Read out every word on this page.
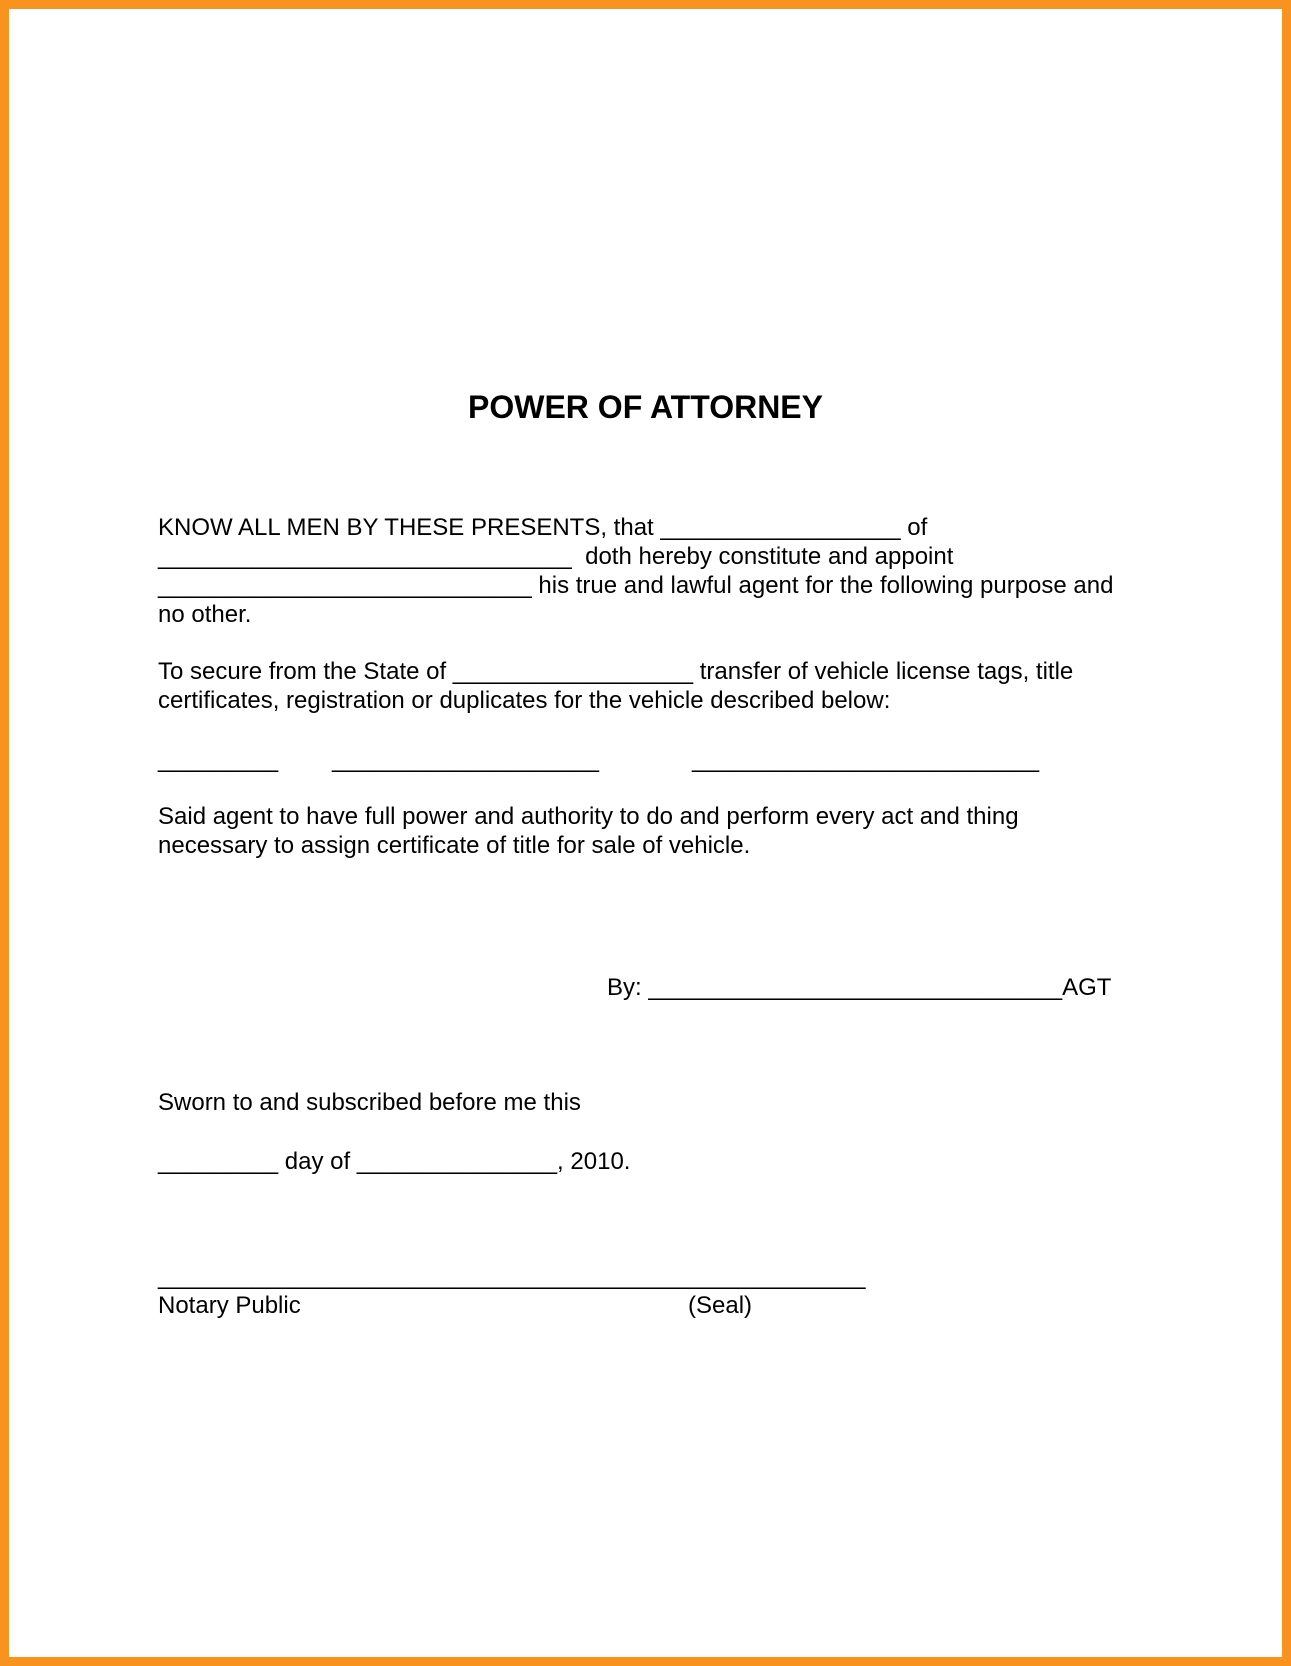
POWER OF ATTORNEY
KNOW ALL MEN BY THESE PRESENTS, that __________________ of
_______________________________  doth hereby constitute and appoint
____________________________ his true and lawful agent for the following purpose and
no other.
To secure from the State of __________________ transfer of vehicle license tags, title
certificates, registration or duplicates for the vehicle described below:
_________ ____________________	__________________________
Said agent to have full power and authority to do and perform every act and thing
necessary to assign certificate of title for sale of vehicle.
By: _______________________________AGT
Sworn to and subscribed before me this
_________ day of _______________, 2010.
_____________________________________________________
Notary Public	(Seal)
